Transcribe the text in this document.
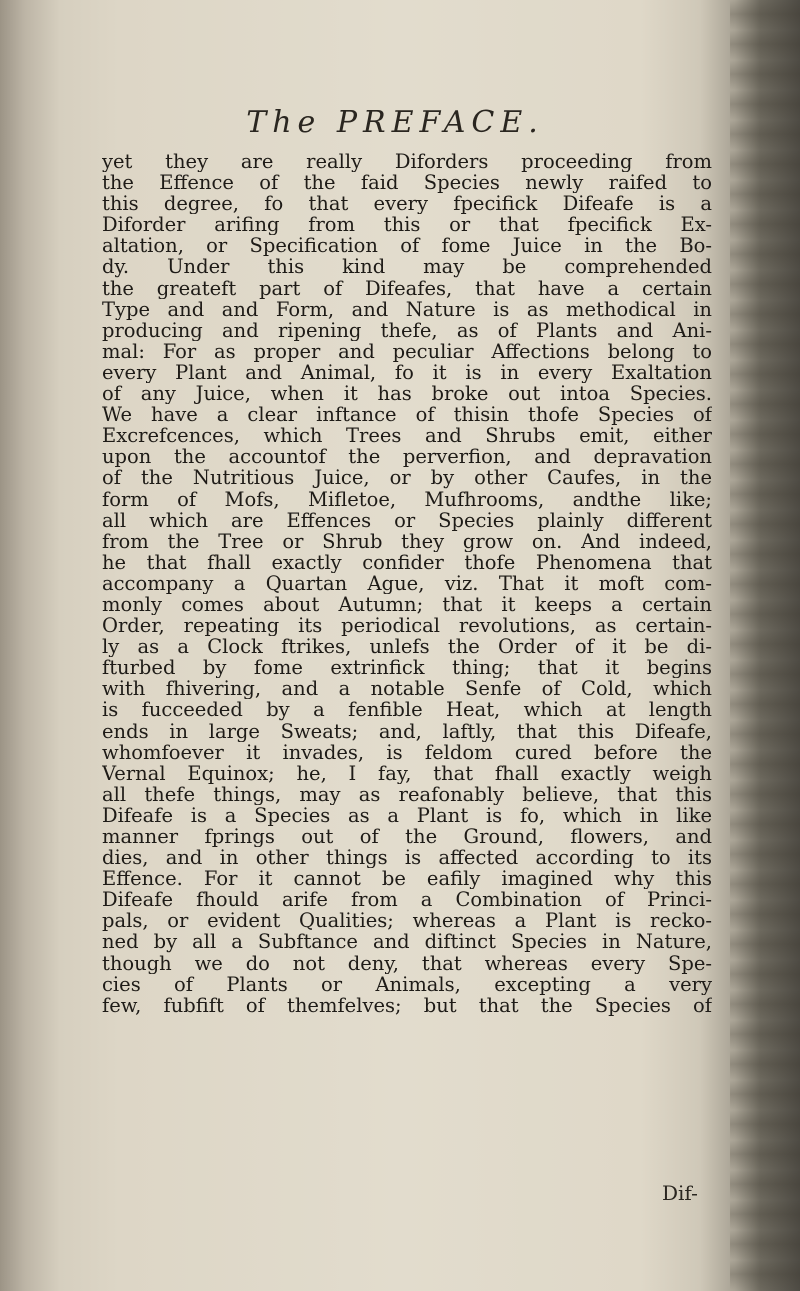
The PREFACE.
yet they are really Diforders proceeding from
the Effence of the faid Species newly raifed to
this degree, fo that every fpecifick Difeafe is a
Diforder arifing from this or that fpecifick Ex-
altation, or Specification of fome Juice in the Bo-
dy. Under this kind may be comprehended
the greateft part of Difeafes, that have a certain
Type and and Form, and Nature is as methodical in
producing and ripening thefe, as of Plants and Ani-
mal: For as proper and peculiar Affections belong to
every Plant and Animal, fo it is in every Exaltation
of any Juice, when it has broke out intoa Species.
We have a clear inftance of thisin thofe Species of
Excrefcences, which Trees and Shrubs emit, either
upon the accountof the perverfion, and depravation
of the Nutritious Juice, or by other Caufes, in the
form of Mofs, Mifletoe, Mufhrooms, andthe like;
all which are Effences or Species plainly different
from the Tree or Shrub they grow on. And indeed,
he that fhall exactly confider thofe Phenomena that
accompany a Quartan Ague, viz. That it moft com-
monly comes about Autumn; that it keeps a certain
Order, repeating its periodical revolutions, as certain-
ly as a Clock ftrikes, unlefs the Order of it be di-
fturbed by fome extrinfick thing; that it begins
with fhivering, and a notable Senfe of Cold, which
is fucceeded by a fenfible Heat, which at length
ends in large Sweats; and, laftly, that this Difeafe,
whomfoever it invades, is feldom cured before the
Vernal Equinox; he, I fay, that fhall exactly weigh
all thefe things, may as reafonably believe, that this
Difeafe is a Species as a Plant is fo, which in like
manner fprings out of the Ground, flowers, and
dies, and in other things is affected according to its
Effence. For it cannot be eafily imagined why this
Difeafe fhould arife from a Combination of Princi-
pals, or evident Qualities; whereas a Plant is recko-
ned by all a Subftance and diftinct Species in Nature,
though we do not deny, that whereas every Spe-
cies of Plants or Animals, excepting a very
few, fubfift of themfelves; but that the Species of
Dif-
